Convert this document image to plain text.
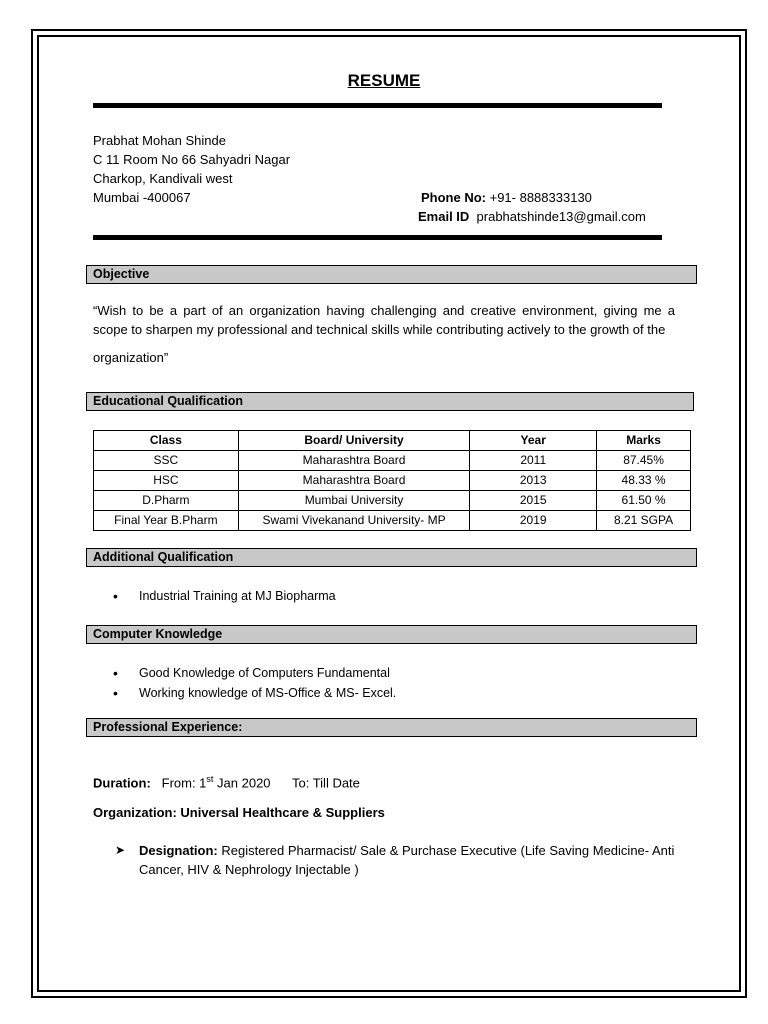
RESUME
Prabhat Mohan Shinde
C 11 Room No 66 Sahyadri Nagar
Charkop, Kandivali west
Mumbai -400067	Phone No: +91- 8888333130
Email ID prabhatshinde13@gmail.com
Objective
“Wish to be a part of an organization having challenging and creative environment, giving me a scope to sharpen my professional and technical skills while contributing actively to the growth of the
organization”
Educational Qualification
Class	Board/ University	Year	Marks
SSC	Maharashtra Board	2011	87.45%
HSC	Maharashtra Board	2013	48.33 %
D.Pharm	Mumbai University	2015	61.50 %
Final Year B.Pharm	Swami Vivekanand University- MP	2019	8.21 SGPA
Additional Qualification
• Industrial Training at MJ Biopharma
Computer Knowledge
• Good Knowledge of Computers Fundamental
• Working knowledge of MS-Office & MS- Excel.
Professional Experience:
Duration: From: 1st Jan 2020 To: Till Date
Organization: Universal Healthcare & Suppliers
➤	Designation: Registered Pharmacist/ Sale & Purchase Executive (Life Saving Medicine- Anti Cancer, HIV & Nephrology Injectable )
